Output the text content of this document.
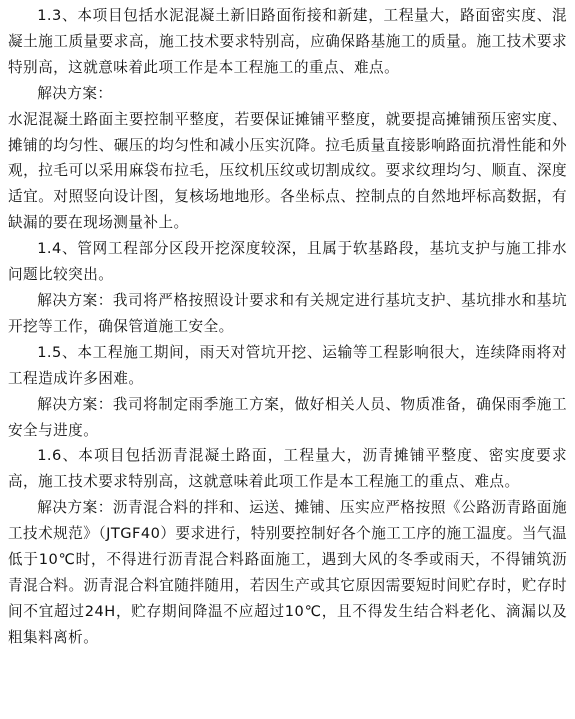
1.3、本项目包括水泥混凝土新旧路面衔接和新建，工程量大，路面密实度、混凝土施工质量要求高，施工技术要求特别高，应确保路基施工的质量。施工技术要求特别高，这就意味着此项工作是本工程施工的重点、难点。

解决方案：

水泥混凝土路面主要控制平整度，若要保证摊铺平整度，就要提高摊铺预压密实度、摊铺的均匀性、碾压的均匀性和减小压实沉降。拉毛质量直接影响路面抗滑性能和外观，拉毛可以采用麻袋布拉毛，压纹机压纹或切割成纹。要求纹理均匀、顺直、深度适宜。对照竖向设计图，复核场地地形。各坐标点、控制点的自然地坪标高数据，有缺漏的要在现场测量补上。

1.4、管网工程部分区段开挖深度较深，且属于软基路段，基坑支护与施工排水问题比较突出。

解决方案：我司将严格按照设计要求和有关规定进行基坑支护、基坑排水和基坑开挖等工作，确保管道施工安全。

1.5、本工程施工期间，雨天对管坑开挖、运输等工程影响很大，连续降雨将对工程造成许多困难。

解决方案：我司将制定雨季施工方案，做好相关人员、物质准备，确保雨季施工安全与进度。

1.6、本项目包括沥青混凝土路面，工程量大，沥青摊铺平整度、密实度要求高，施工技术要求特别高，这就意味着此项工作是本工程施工的重点、难点。

解决方案：沥青混合料的拌和、运送、摊铺、压实应严格按照《公路沥青路面施工技术规范》（JTGF40）要求进行，特别要控制好各个施工工序的施工温度。当气温低于10℃时，不得进行沥青混合料路面施工，遇到大风的冬季或雨天，不得铺筑沥青混合料。沥青混合料宜随拌随用，若因生产或其它原因需要短时间贮存时，贮存时间不宜超过24H，贮存期间降温不应超过10℃，且不得发生结合料老化、滴漏以及粗集料离析。
